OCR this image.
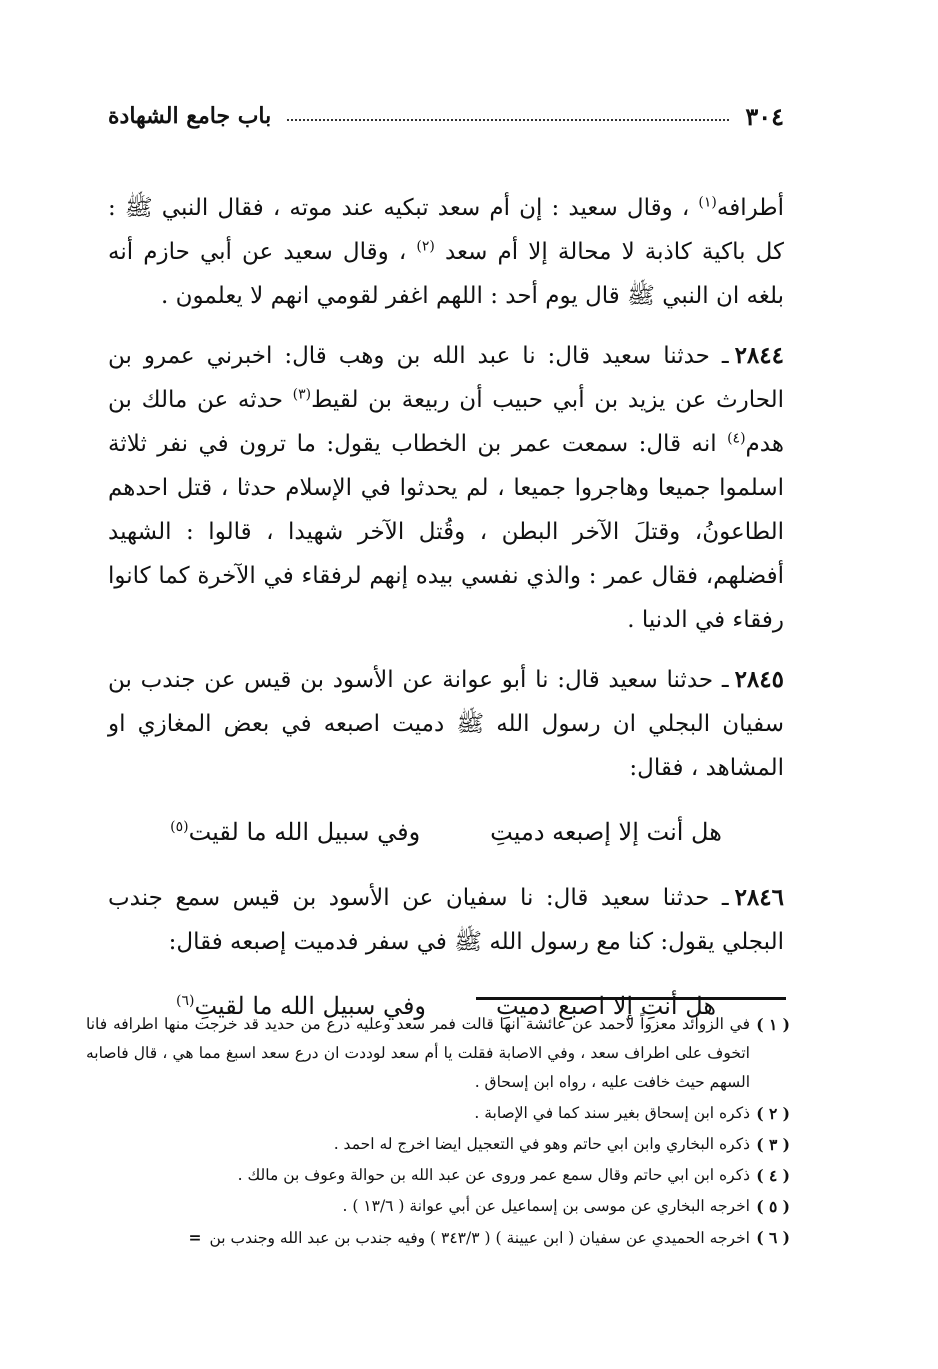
٣٠٤
باب جامع الشهادة

أطرافه$^{(١)}$ ، وقال سعيد : إن أم سعد تبكيه عند موته ، فقال النبي ﷺ : كل باكية كاذبة لا محالة إلا أم سعد $^{(٢)}$ ، وقال سعيد عن أبي حازم أنه بلغه ان النبي ﷺ قال يوم أحد : اللهم اغفر لقومي انهم لا يعلمون .

٢٨٤٤ـ حدثنا سعيد قال: نا عبد الله بن وهب قال: اخبرني عمرو بن الحارث عن يزيد بن أبي حبيب أن ربيعة بن لقيط$^{(٣)}$ حدثه عن مالك بن هدم$^{(٤)}$ انه قال: سمعت عمر بن الخطاب يقول: ما ترون في نفر ثلاثة اسلموا جميعا وهاجروا جميعا ، لم يحدثوا في الإسلام حدثا ، قتل احدهم الطاعونُ، وقتلَ الآخر البطن ، وقُتل الآخر شهيدا ، قالوا : الشهيد أفضلهم، فقال عمر : والذي نفسي بيده إنهم لرفقاء في الآخرة كما كانوا رفقاء في الدنيا .

٢٨٤٥ـ حدثنا سعيد قال: نا أبو عوانة عن الأسود بن قيس عن جندب بن سفيان البجلي ان رسول الله ﷺ دميت اصبعه في بعض المغازي او المشاهد ، فقال:

هل أنت إلا إصبعه دميتِ
وفي سبيل الله ما لقيت$^{(٥)}$

٢٨٤٦ـ حدثنا سعيد قال: نا سفيان عن الأسود بن قيس سمع جندب البجلي يقول: كنا مع رسول الله ﷺ في سفر فدميت إصبعه فقال:

هل أنتِ إلا اصبع دميتِ
وفي سبيل الله ما لقيتِ$^{(٦)}$
( ١ )
في الزوائد معزواً لاحمد عن عائشة انها قالت فمر سعد وعليه درع من حديد قد خرجت منها اطرافه فانا اتخوف على اطراف سعد ، وفي الاصابة فقلت يا أم سعد لوددت ان درع سعد اسبغ مما هي ، قال فاصابه السهم حيث خافت عليه ، رواه ابن إسحاق .
( ٢ )
ذكره ابن إسحاق بغير سند كما في الإصابة .
( ٣ )
ذكره البخاري وابن ابي حاتم وهو في التعجيل ايضا اخرج له احمد .
( ٤ )
ذكره ابن ابي حاتم وقال سمع عمر وروى عن عبد الله بن حوالة وعوف بن مالك .
( ٥ )
اخرجه البخاري عن موسى بن إسماعيل عن أبي عوانة ( ١٣/٦ ) .
( ٦ )
اخرجه الحميدي عن سفيان ( ابن عيينة ) ( ٣٤٣/٣ ) وفيه جندب بن عبد الله وجندب بن=
